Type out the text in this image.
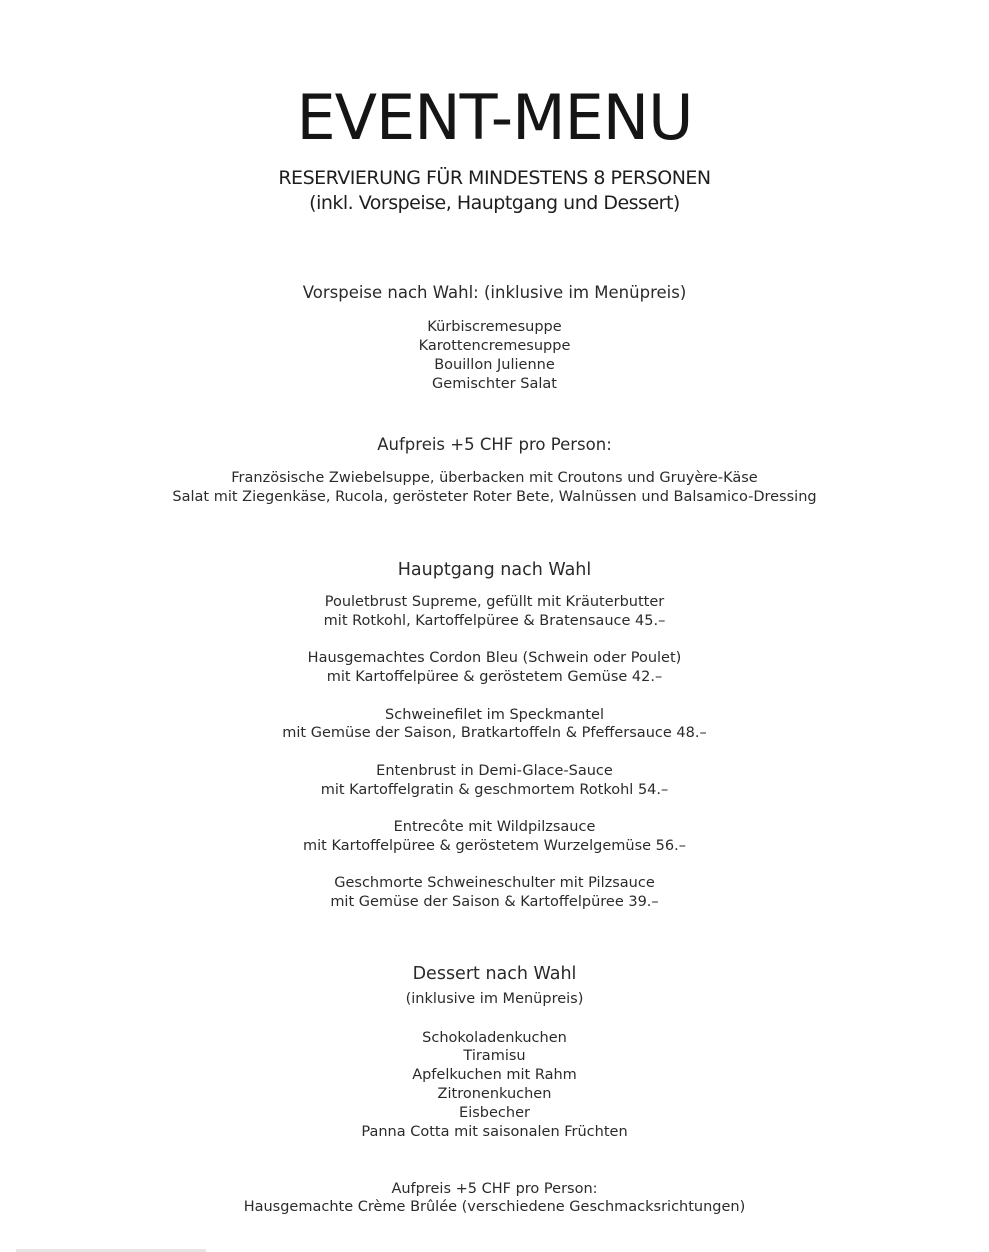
EVENT-MENU
RESERVIERUNG FÜR MINDESTENS 8 PERSONEN
(inkl. Vorspeise, Hauptgang und Dessert)
Vorspeise nach Wahl: (inklusive im Menüpreis)
Kürbiscremesuppe
Karottencremesuppe
Bouillon Julienne
Gemischter Salat
Aufpreis +5 CHF pro Person:
Französische Zwiebelsuppe, überbacken mit Croutons und Gruyère-Käse
Salat mit Ziegenkäse, Rucola, gerösteter Roter Bete, Walnüssen und Balsamico-Dressing
Hauptgang nach Wahl
Pouletbrust Supreme, gefüllt mit Kräuterbutter
mit Rotkohl, Kartoffelpüree & Bratensauce 45.–
Hausgemachtes Cordon Bleu (Schwein oder Poulet)
mit Kartoffelpüree & geröstetem Gemüse 42.–
Schweinefilet im Speckmantel
mit Gemüse der Saison, Bratkartoffeln & Pfeffersauce 48.–
Entenbrust in Demi-Glace-Sauce
mit Kartoffelgratin & geschmortem Rotkohl 54.–
Entrecôte mit Wildpilzsauce
mit Kartoffelpüree & geröstetem Wurzelgemüse 56.–
Geschmorte Schweineschulter mit Pilzsauce
mit Gemüse der Saison & Kartoffelpüree 39.–
Dessert nach Wahl
(inklusive im Menüpreis)
Schokoladenkuchen
Tiramisu
Apfelkuchen mit Rahm
Zitronenkuchen
Eisbecher
Panna Cotta mit saisonalen Früchten
Aufpreis +5 CHF pro Person:
Hausgemachte Crème Brûlée (verschiedene Geschmacksrichtungen)
